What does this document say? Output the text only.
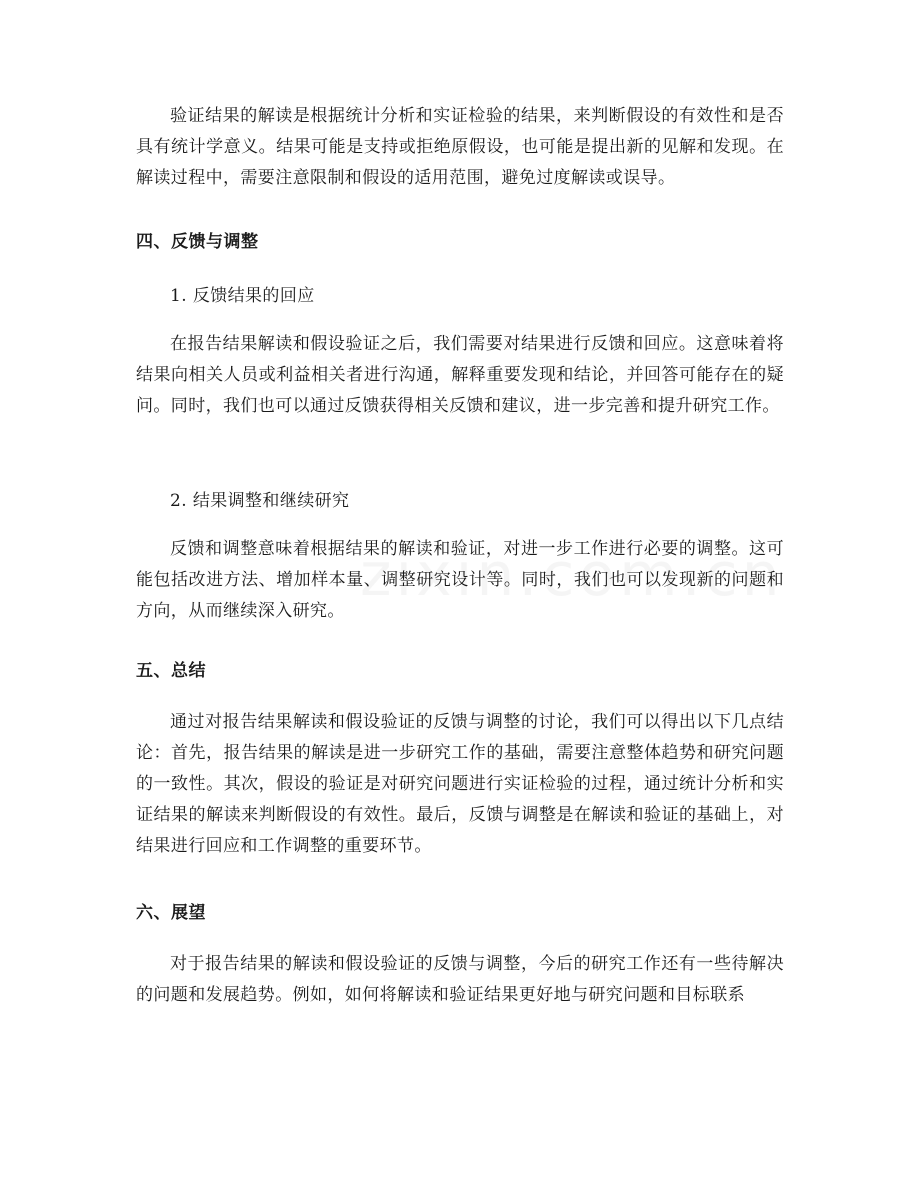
验证结果的解读是根据统计分析和实证检验的结果，来判断假设的有效性和是否具有统计学意义。结果可能是支持或拒绝原假设，也可能是提出新的见解和发现。在解读过程中，需要注意限制和假设的适用范围，避免过度解读或误导。

四、反馈与调整

1. 反馈结果的回应

在报告结果解读和假设验证之后，我们需要对结果进行反馈和回应。这意味着将结果向相关人员或利益相关者进行沟通，解释重要发现和结论，并回答可能存在的疑问。同时，我们也可以通过反馈获得相关反馈和建议，进一步完善和提升研究工作。

2. 结果调整和继续研究

反馈和调整意味着根据结果的解读和验证，对进一步工作进行必要的调整。这可能包括改进方法、增加样本量、调整研究设计等。同时，我们也可以发现新的问题和方向，从而继续深入研究。

五、总结

通过对报告结果解读和假设验证的反馈与调整的讨论，我们可以得出以下几点结论：首先，报告结果的解读是进一步研究工作的基础，需要注意整体趋势和研究问题的一致性。其次，假设的验证是对研究问题进行实证检验的过程，通过统计分析和实证结果的解读来判断假设的有效性。最后，反馈与调整是在解读和验证的基础上，对结果进行回应和工作调整的重要环节。

六、展望

对于报告结果的解读和假设验证的反馈与调整，今后的研究工作还有一些待解决的问题和发展趋势。例如，如何将解读和验证结果更好地与研究问题和目标联系
